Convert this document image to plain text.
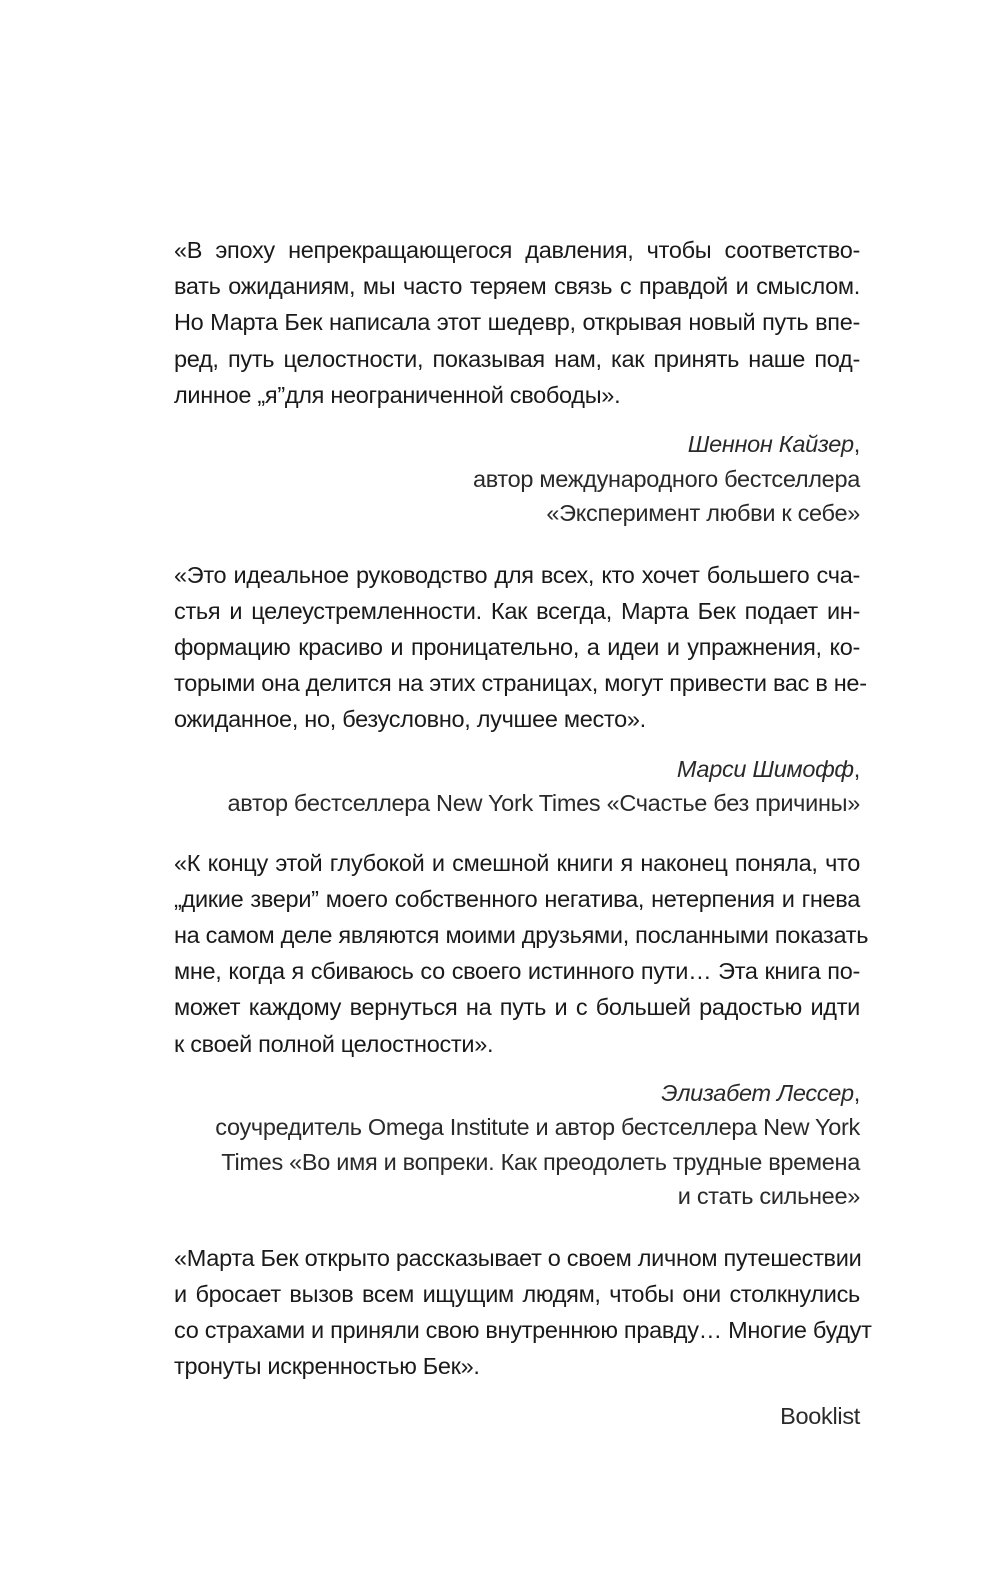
«В эпоху непрекращающегося давления, чтобы соответство-
вать ожиданиям, мы часто теряем связь с правдой и смыслом.
Но Марта Бек написала этот шедевр, открывая новый путь впе-
ред, путь целостности, показывая нам, как принять наше под-
линное „я”для неограниченной свободы».

Шеннон Кайзер,
автор международного бестселлера
«Эксперимент любви к себе»

«Это идеальное руководство для всех, кто хочет большего сча-
стья и целеустремленности. Как всегда, Марта Бек подает ин-
формацию красиво и проницательно, а идеи и упражнения, ко-
торыми она делится на этих страницах, могут привести вас в не-
ожиданное, но, безусловно, лучшее место».

Марси Шимофф,
автор бестселлера New York Times «Счастье без причины»

«К концу этой глубокой и смешной книги я наконец поняла, что
„дикие звери” моего собственного негатива, нетерпения и гнева
на самом деле являются моими друзьями, посланными показать
мне, когда я сбиваюсь со своего истинного пути… Эта книга по-
может каждому вернуться на путь и с большей радостью идти
к своей полной целостности».

Элизабет Лессер,
соучредитель Omega Institute и автор бестселлера New York
Times «Во имя и вопреки. Как преодолеть трудные времена
и стать сильнее»

«Марта Бек открыто рассказывает о своем личном путешествии
и бросает вызов всем ищущим людям, чтобы они столкнулись
со страхами и приняли свою внутреннюю правду… Многие будут
тронуты искренностью Бек».

Booklist
